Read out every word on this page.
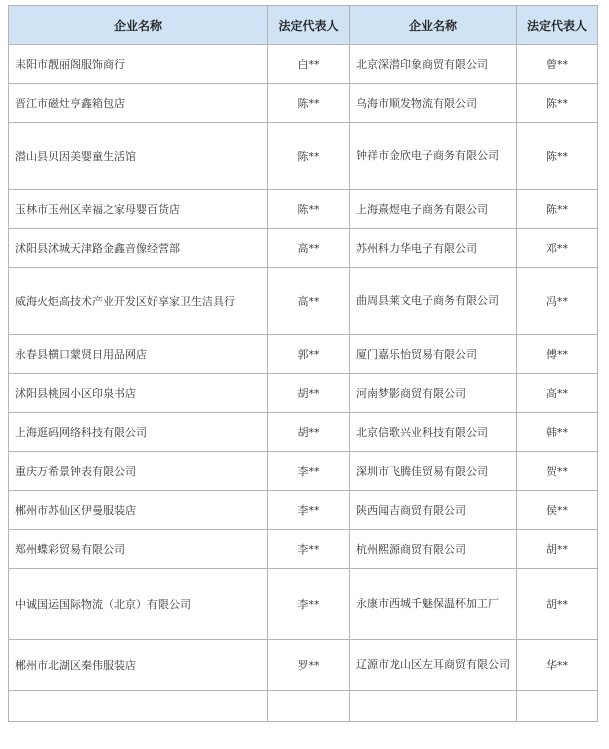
企业名称	法定代表人	企业名称	法定代表人
耒阳市靓丽阁服饰商行	白**	北京深潜印象商贸有限公司	曾**
晋江市磁灶亨鑫箱包店	陈**	乌海市顺发物流有限公司	陈**
潜山县贝因美婴童生活馆	陈**	钟祥市金欣电子商务有限公司	陈**
玉林市玉州区幸福之家母婴百货店	陈**	上海熹煜电子商务有限公司	陈**
沭阳县沭城天津路金鑫音像经营部	高**	苏州科力华电子有限公司	邓**
威海火炬高技术产业开发区好享家卫生洁具行	高**	曲周县莱文电子商务有限公司	冯**
永春县横口蒙贤日用品网店	郭**	厦门嘉乐怡贸易有限公司	傅**
沭阳县桃园小区印泉书店	胡**	河南梦影商贸有限公司	高**
上海逛码网络科技有限公司	胡**	北京信歌兴业科技有限公司	韩**
重庆万希景钟表有限公司	李**	深圳市飞腾佳贸易有限公司	贺**
郴州市苏仙区伊曼服装店	李**	陕西闻吉商贸有限公司	侯**
郑州蝶彩贸易有限公司	李**	杭州熙源商贸有限公司	胡**
中诚国运国际物流（北京）有限公司	李**	永康市西城千魅保温杯加工厂	胡**
郴州市北湖区秦伟服装店	罗**	辽源市龙山区左耳商贸有限公司	华**
